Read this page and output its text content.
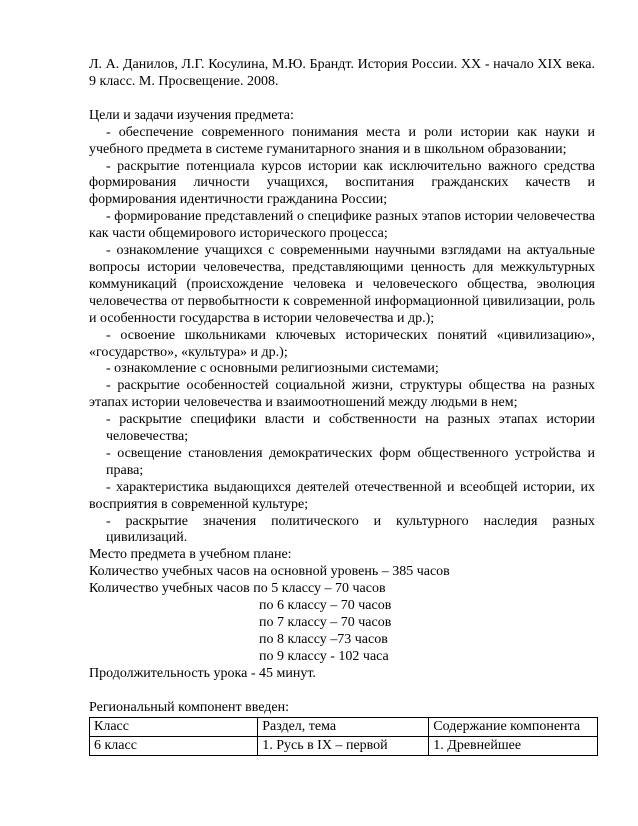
Л. А. Данилов, Л.Г. Косулина, М.Ю. Брандт. История России. XX - начало XIX века. 9 класс. М. Просвещение. 2008.

Цели и задачи изучения предмета:

- обеспечение современного понимания места и роли истории как науки и учебного предмета в системе гуманитарного знания и в школьном образовании;

- раскрытие потенциала курсов истории как исключительно важного средства формирования личности учащихся, воспитания гражданских качеств и формирования идентичности гражданина России;

- формирование представлений о специфике разных этапов истории человечества как части общемирового исторического процесса;

- ознакомление учащихся с современными научными взглядами на актуальные вопросы истории человечества, представляющими ценность для межкультурных коммуникаций (происхождение человека и человеческого общества, эволюция человечества от первобытности к современной информационной цивилизации, роль и особенности государства в истории человечества и др.);

- освоение школьниками ключевых исторических понятий «цивилизацию», «государство», «культура» и др.);

- ознакомление с основными религиозными системами;

- раскрытие особенностей социальной жизни, структуры общества на разных этапах истории человечества и взаимоотношений между людьми в нем;

- раскрытие специфики власти и собственности на разных этапах истории человечества;

- освещение становления демократических форм общественного устройства и права;

- характеристика выдающихся деятелей отечественной и всеобщей истории, их восприятия в современной культуре;

- раскрытие значения политического и культурного наследия разных цивилизаций.

Место предмета в учебном плане:

Количество учебных часов на основной уровень – 385 часов

Количество учебных часов по 5 классу – 70 часов

по 6 классу – 70 часов

по 7 классу – 70 часов

по 8 классу –73 часов

по 9 классу - 102 часа

Продолжительность урока - 45 минут.

Региональный компонент введен:

Класс	Раздел, тема	Содержание компонента
6 класс	1. Русь в IX – первой	1. Древнейшее
